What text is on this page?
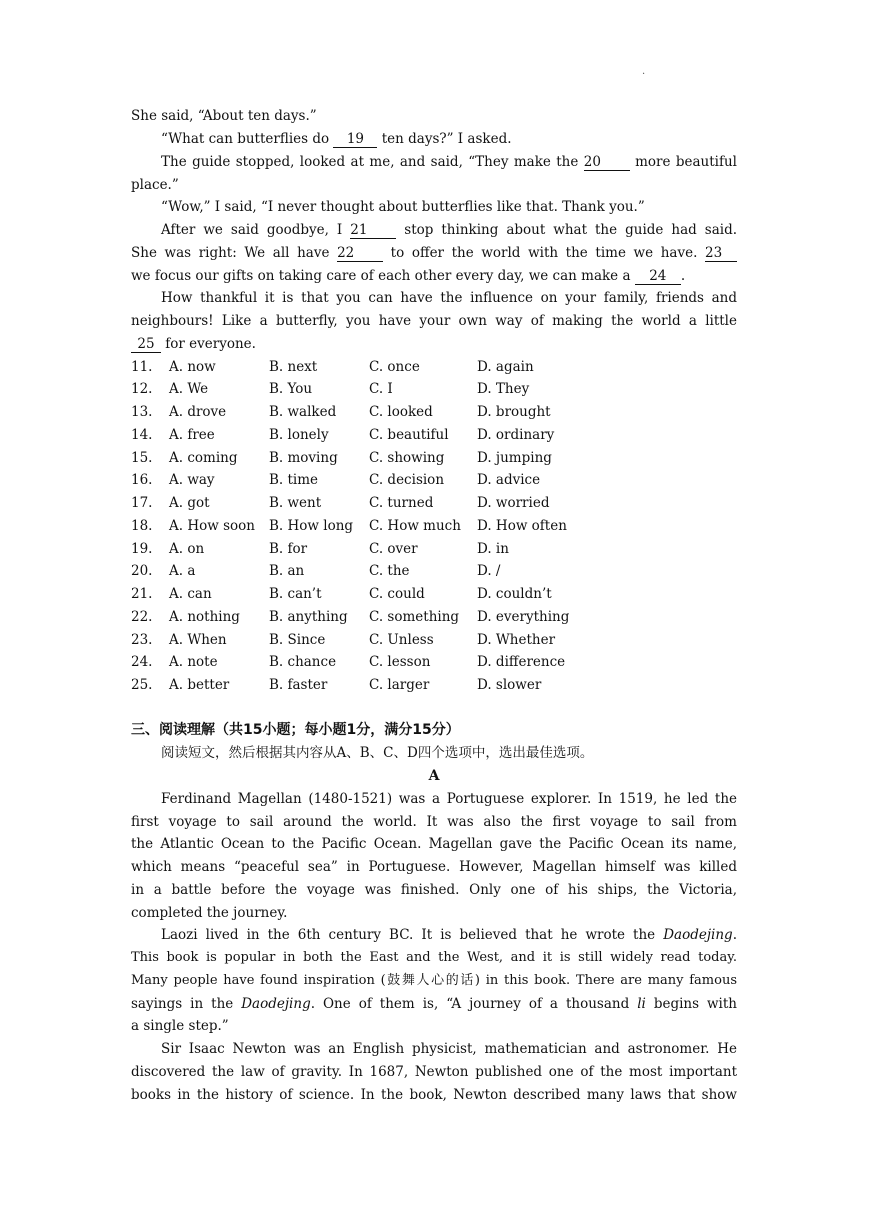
.
She said, “About ten days.”
“What can butterflies do 19 ten days?” I asked.
The guide stopped, looked at me, and said, “They make the 20 more beautiful
place.”
“Wow,” I said, “I never thought about butterflies like that. Thank you.”
After we said goodbye, I 21 stop thinking about what the guide had said.
She was right: We all have 22 to offer the world with the time we have. 23
we focus our gifts on taking care of each other every day, we can make a 24 .
How thankful it is that you can have the influence on your family, friends and
neighbours! Like a butterfly, you have your own way of making the world a little
25 for everyone.
11. A. now	B. next	C. once	D. again
12. A. We	B. You	C. I	D. They
13. A. drove	B. walked C. looked	D. brought
14. A. free	B. lonely	C. beautiful D. ordinary
15. A. coming B. moving C. showing D. jumping
16. A. way	B. time	C. decision D. advice
17. A. got	B. went	C. turned	D. worried
18. A. How soon B. How long C. How much D. How often
19. A. on	B. for	C. over	D. in
20. A. a	B. an	C. the	D. /
21. A. can	B. can’t	C. could	D. couldn’t
22. A. nothing B. anything C. something D. everything
23. A. When	B. Since	C. Unless	D. Whether
24. A. note	B. chance C. lesson	D. difference
25. A. better	B. faster	C. larger	D. slower
三、阅读理解（共15小题；每小题1分，满分15分）
阅读短文，然后根据其内容从A、B、C、D四个选项中，选出最佳选项。
A
Ferdinand Magellan (1480-1521) was a Portuguese explorer. In 1519, he led the
first voyage to sail around the world. It was also the first voyage to sail from
the Atlantic Ocean to the Pacific Ocean. Magellan gave the Pacific Ocean its name,
which means “peaceful sea” in Portuguese. However, Magellan himself was killed
in a battle before the voyage was finished. Only one of his ships, the Victoria,
completed the journey.
Laozi lived in the 6th century BC. It is believed that he wrote the Daodejing.
This book is popular in both the East and the West, and it is still widely read today.
Many people have found inspiration (鼓舞人心的话) in this book. There are many famous
sayings in the Daodejing. One of them is, “A journey of a thousand li begins with
a single step.”
Sir Isaac Newton was an English physicist, mathematician and astronomer. He
discovered the law of gravity. In 1687, Newton published one of the most important
books in the history of science. In the book, Newton described many laws that show
